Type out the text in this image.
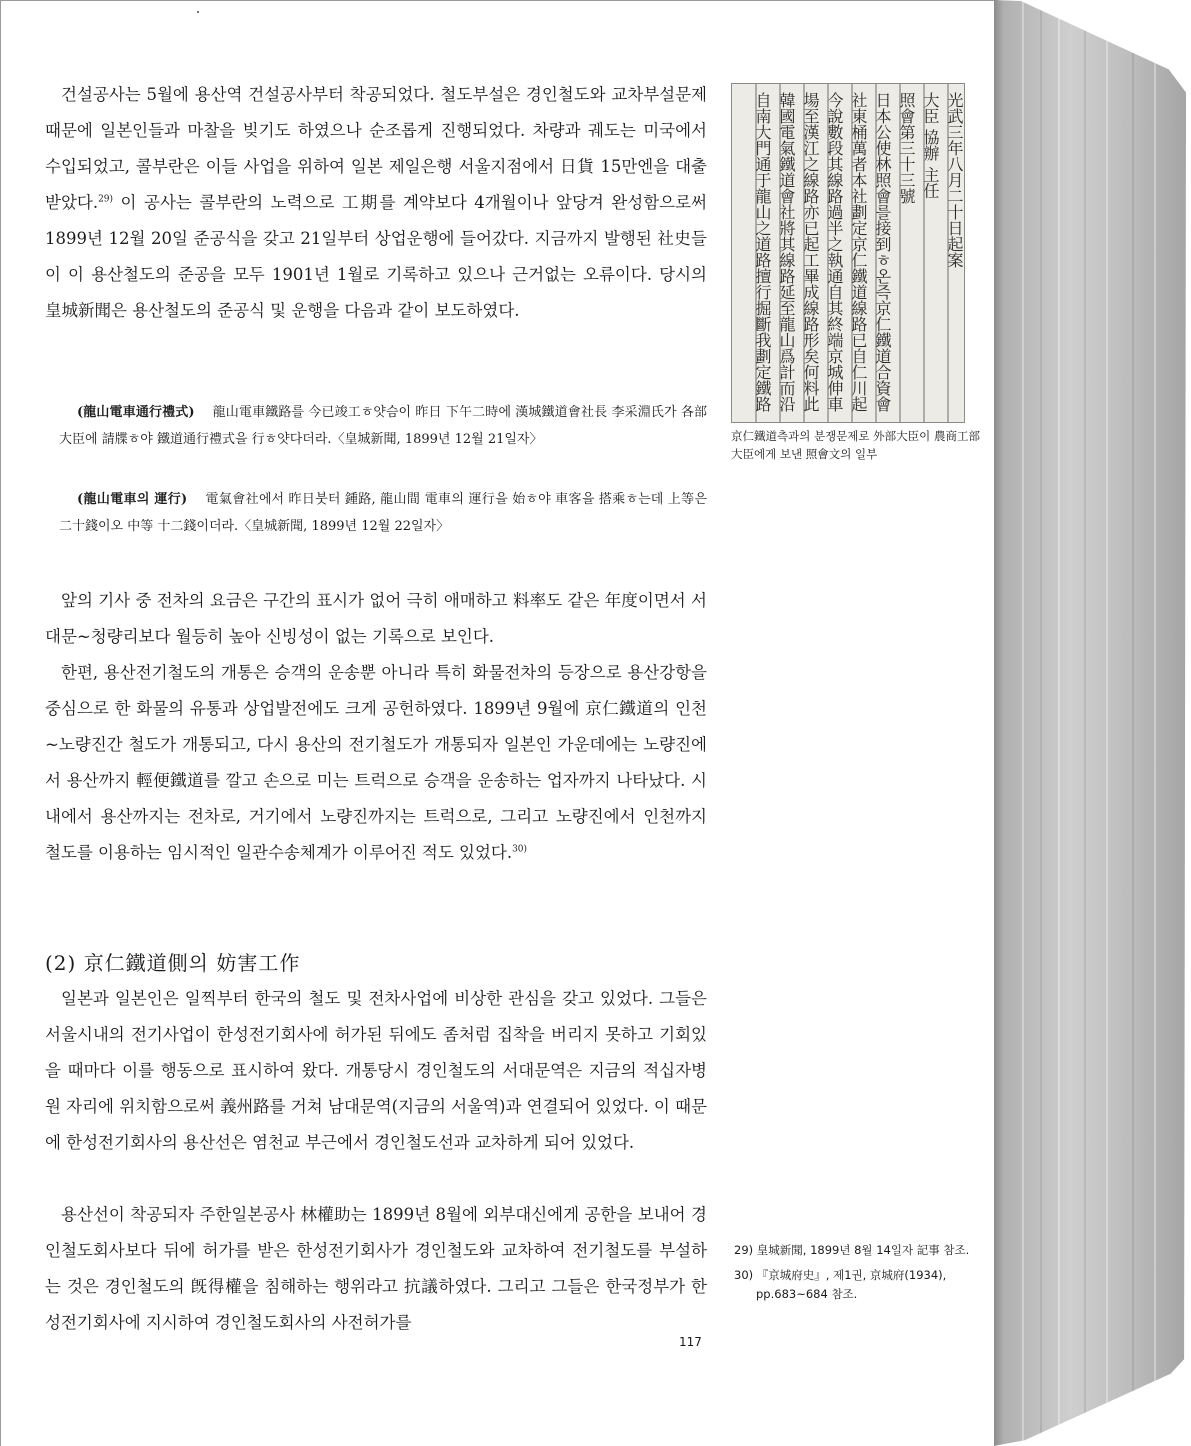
건설공사는 5월에 용산역 건설공사부터 착공되었다. 철도부설은 경인철도와 교차부설문제 때문에 일본인들과 마찰을 빚기도 하였으나 순조롭게 진행되었다. 차량과 궤도는 미국에서 수입되었고, 콜부란은 이들 사업을 위하여 일본 제일은행 서울지점에서 日貨 15만엔을 대출받았다.$^{29)}$ 이 공사는 콜부란의 노력으로 工期를 계약보다 4개월이나 앞당겨 완성함으로써 1899년 12월 20일 준공식을 갖고 21일부터 상업운행에 들어갔다. 지금까지 발행된 社史들이 이 용산철도의 준공을 모두 1901년 1월로 기록하고 있으나 근거없는 오류이다. 당시의 皇城新聞은 용산철도의 준공식 및 운행을 다음과 같이 보도하였다.

(龍山電車通行禮式) 龍山電車鐵路를 今已竣工ㅎ얏슴이 昨日 下午二時에 漢城鐵道會社長 李采淵氏가 各部大臣에 請牒ㅎ야 鐵道通行禮式을 行ㅎ얏다더라.〈皇城新聞, 1899년 12월 21일자〉

(龍山電車의 運行) 電氣會社에서 昨日붓터 鍾路, 龍山間 電車의 運行을 始ㅎ야 車客을 搭乘ㅎ는데 上等은 二十錢이오 中等 十二錢이더라.〈皇城新聞, 1899년 12월 22일자〉

앞의 기사 중 전차의 요금은 구간의 표시가 없어 극히 애매하고 料率도 같은 年度이면서 서대문~청량리보다 월등히 높아 신빙성이 없는 기록으로 보인다.

한편, 용산전기철도의 개통은 승객의 운송뿐 아니라 특히 화물전차의 등장으로 용산강항을 중심으로 한 화물의 유통과 상업발전에도 크게 공헌하였다. 1899년 9월에 京仁鐵道의 인천~노량진간 철도가 개통되고, 다시 용산의 전기철도가 개통되자 일본인 가운데에는 노량진에서 용산까지 輕便鐵道를 깔고 손으로 미는 트럭으로 승객을 운송하는 업자까지 나타났다. 시내에서 용산까지는 전차로, 거기에서 노량진까지는 트럭으로, 그리고 노량진에서 인천까지 철도를 이용하는 임시적인 일관수송체계가 이루어진 적도 있었다.$^{30)}$

(2) 京仁鐵道側의 妨害工作

일본과 일본인은 일찍부터 한국의 철도 및 전차사업에 비상한 관심을 갖고 있었다. 그들은 서울시내의 전기사업이 한성전기회사에 허가된 뒤에도 좀처럼 집착을 버리지 못하고 기회있을 때마다 이를 행동으로 표시하여 왔다. 개통당시 경인철도의 서대문역은 지금의 적십자병원 자리에 위치함으로써 義州路를 거쳐 남대문역(지금의 서울역)과 연결되어 있었다. 이 때문에 한성전기회사의 용산선은 염천교 부근에서 경인철도선과 교차하게 되어 있었다.

용산선이 착공되자 주한일본공사 林權助는 1899년 8월에 외부대신에게 공한을 보내어 경인철도회사보다 뒤에 허가를 받은 한성전기회사가 경인철도와 교차하여 전기철도를 부설하는 것은 경인철도의 旣得權을 침해하는 행위라고 抗議하였다. 그리고 그들은 한국정부가 한성전기회사에 지시하여 경인철도회사의 사전허가를

光武三年八月二十日起案
大臣 協辦 主任
照會第三十三號
日本公使林照會를接到ㅎ온즉京仁鐵道合資會
社東桶萬者本社劃定京仁鐵道線路已自仁川起
今說數段其線路過半之執通自其終端京城伸車
場至漢江之線路亦已起工畢成線路形矣何料此
韓國電氣鐵道會社將其線路延至龍山爲計而沿
自南大門通于龍山之道路擅行掘斷我劃定鐵路

京仁鐵道측과의 분쟁문제로 外部大臣이 農商工部大臣에게 보낸 照會文의 일부

29) 皇城新聞, 1899년 8월 14일자 記事 참조.

30) 『京城府史』, 제1권, 京城府(1934), pp.683~684 참조.

117
